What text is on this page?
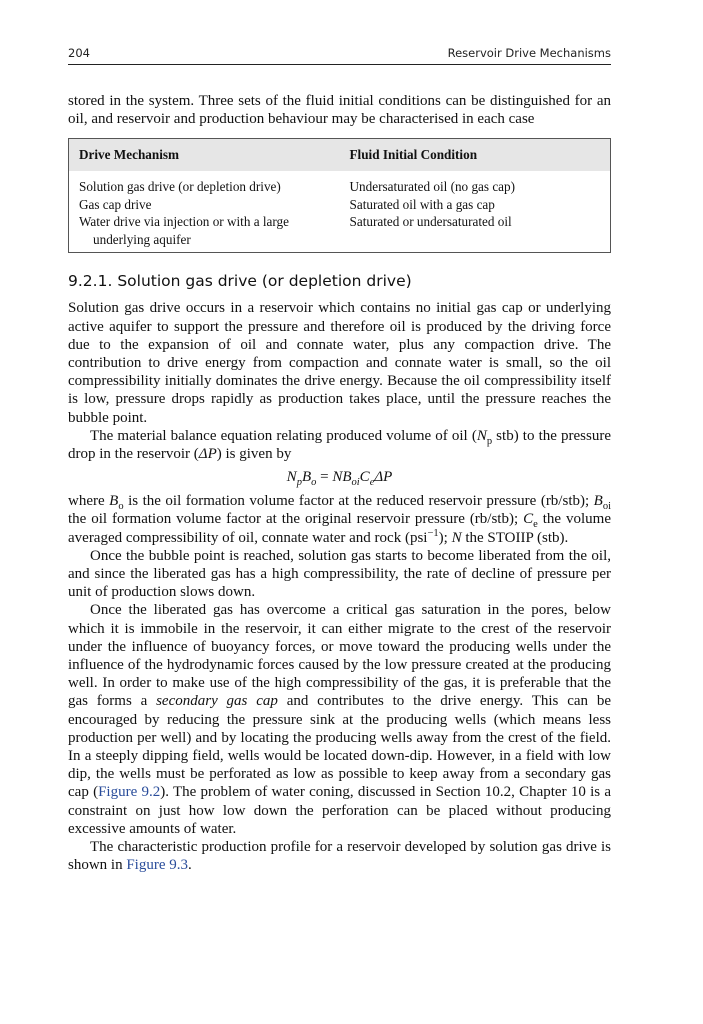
204	Reservoir Drive Mechanisms

stored in the system. Three sets of the fluid initial conditions can be distinguished for an oil, and reservoir and production behaviour may be characterised in each case

Drive Mechanism	Fluid Initial Condition
Solution gas drive (or depletion drive)	Undersaturated oil (no gas cap)
Gas cap drive	Saturated oil with a gas cap
Water drive via injection or with a large
underlying aquifer	Saturated or undersaturated oil
9.2.1. Solution gas drive (or depletion drive)

Solution gas drive occurs in a reservoir which contains no initial gas cap or underlying active aquifer to support the pressure and therefore oil is produced by the driving force due to the expansion of oil and connate water, plus any compaction drive. The contribution to drive energy from compaction and connate water is small, so the oil compressibility initially dominates the drive energy. Because the oil compressibility itself is low, pressure drops rapidly as production takes place, until the pressure reaches the bubble point.

The material balance equation relating produced volume of oil ($N_p$ stb) to the pressure drop in the reservoir (ΔP) is given by

$N_pB_o = NB_{oi}C_e\Delta P$

where $B_o$ is the oil formation volume factor at the reduced reservoir pressure (rb/stb); $B_{oi}$ the oil formation volume factor at the original reservoir pressure (rb/stb); $C_e$ the volume averaged compressibility of oil, connate water and rock (psi$^{-1}$); N the STOIIP (stb).

Once the bubble point is reached, solution gas starts to become liberated from the oil, and since the liberated gas has a high compressibility, the rate of decline of pressure per unit of production slows down.

Once the liberated gas has overcome a critical gas saturation in the pores, below which it is immobile in the reservoir, it can either migrate to the crest of the reservoir under the influence of buoyancy forces, or move toward the producing wells under the influence of the hydrodynamic forces caused by the low pressure created at the producing well. In order to make use of the high compressibility of the gas, it is preferable that the gas forms a secondary gas cap and contributes to the drive energy. This can be encouraged by reducing the pressure sink at the producing wells (which means less production per well) and by locating the producing wells away from the crest of the field. In a steeply dipping field, wells would be located down-dip. However, in a field with low dip, the wells must be perforated as low as possible to keep away from a secondary gas cap (Figure 9.2). The problem of water coning, discussed in Section 10.2, Chapter 10 is a constraint on just how low down the perforation can be placed without producing excessive amounts of water.

The characteristic production profile for a reservoir developed by solution gas drive is shown in Figure 9.3.
